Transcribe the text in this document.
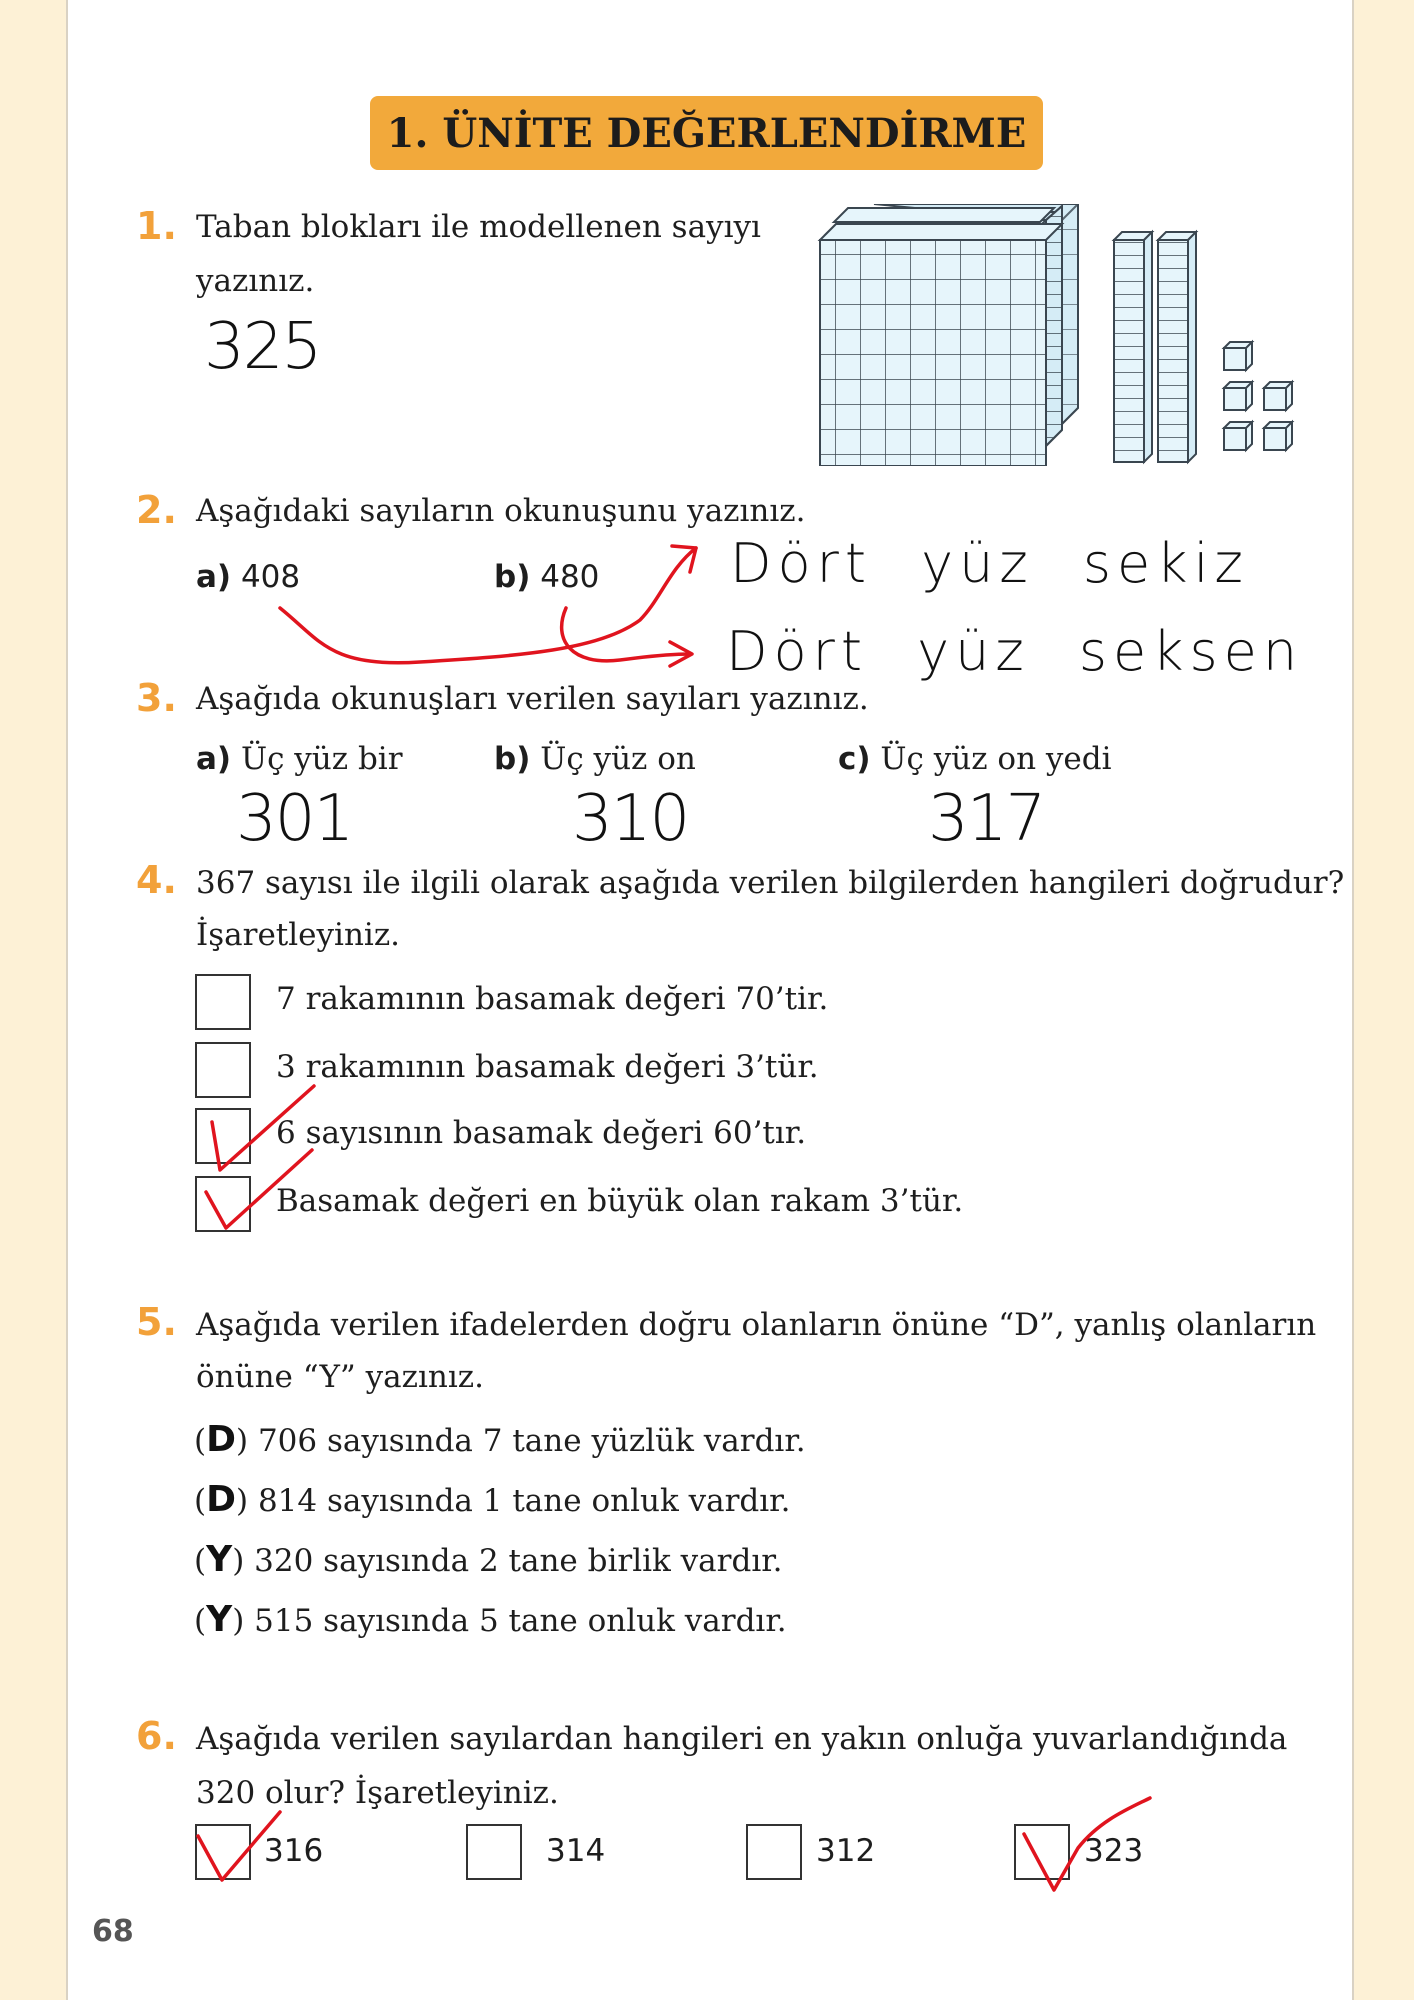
1. ÜNİTE DEĞERLENDİRME
1. Taban blokları ile modellenen sayıyı
yazınız.
325
2. Aşağıdaki sayıların okunuşunu yazınız.
a) 408	b) 480 Dört yüz sekiz
Dört yüz seksen
3. Aşağıda okunuşları verilen sayıları yazınız.
a) Üç yüz bir	b) Üç yüz on	c) Üç yüz on yedi
301	310	317
4. 367 sayısı ile ilgili olarak aşağıda verilen bilgilerden hangileri doğrudur?
İşaretleyiniz.
7 rakamının basamak değeri 70’tir.
3 rakamının basamak değeri 3’tür.
6 sayısının basamak değeri 60’tır.
Basamak değeri en büyük olan rakam 3’tür.
5. Aşağıda verilen ifadelerden doğru olanların önüne “D”, yanlış olanların
önüne “Y” yazınız.
(D) 706 sayısında 7 tane yüzlük vardır.
(D) 814 sayısında 1 tane onluk vardır.
(Y) 320 sayısında 2 tane birlik vardır.
(Y) 515 sayısında 5 tane onluk vardır.
6. Aşağıda verilen sayılardan hangileri en yakın onluğa yuvarlandığında
320 olur? İşaretleyiniz.
316	314	312	323
68
